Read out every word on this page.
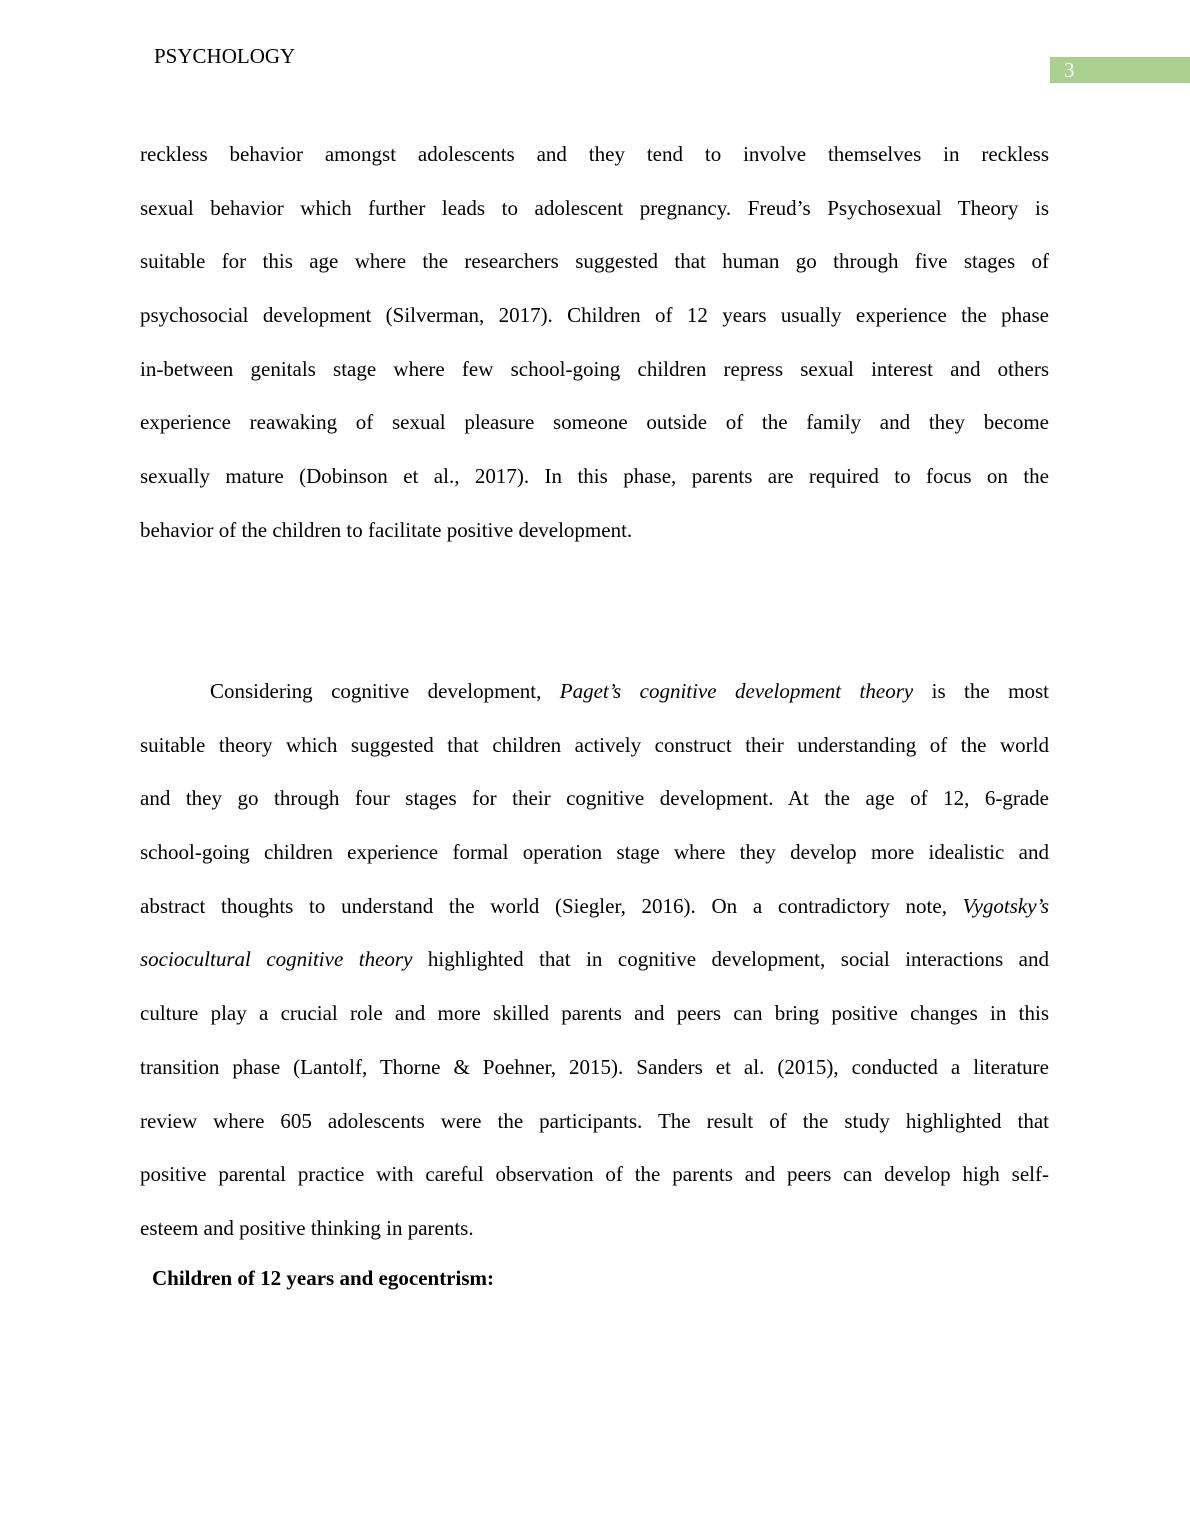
PSYCHOLOGY
3
reckless behavior amongst adolescents and they tend to involve themselves in reckless
sexual behavior which further leads to adolescent pregnancy. Freud’s Psychosexual Theory is
suitable for this age where the researchers suggested that human go through five stages of
psychosocial development (Silverman, 2017). Children of 12 years usually experience the phase
in-between genitals stage where few school-going children repress sexual interest and others
experience reawaking of sexual pleasure someone outside of the family and they become
sexually mature (Dobinson et al., 2017). In this phase, parents are required to focus on the
behavior of the children to facilitate positive development.
Considering cognitive development, Paget’s cognitive development theory is the most
suitable theory which suggested that children actively construct their understanding of the world
and they go through four stages for their cognitive development. At the age of 12, 6-grade
school-going children experience formal operation stage where they develop more idealistic and
abstract thoughts to understand the world (Siegler, 2016). On a contradictory note, Vygotsky’s
sociocultural cognitive theory highlighted that in cognitive development, social interactions and
culture play a crucial role and more skilled parents and peers can bring positive changes in this
transition phase (Lantolf, Thorne & Poehner, 2015). Sanders et al. (2015), conducted a literature
review where 605 adolescents were the participants. The result of the study highlighted that
positive parental practice with careful observation of the parents and peers can develop high self-
esteem and positive thinking in parents.
Children of 12 years and egocentrism:
